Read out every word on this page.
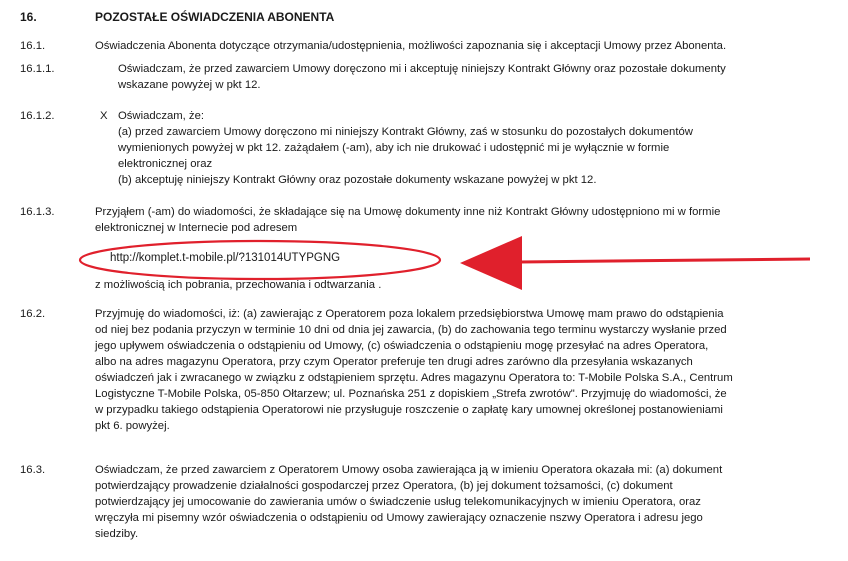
16.	POZOSTAŁE OŚWIADCZENIA ABONENTA
16.1.	Oświadczenia Abonenta dotyczące otrzymania/udostępnienia, możliwości zapoznania się i akceptacji Umowy przez Abonenta.
16.1.1.	Oświadczam, że przed zawarciem Umowy doręczono mi i akceptuję niniejszy Kontrakt Główny oraz pozostałe dokumenty
wskazane powyżej w pkt 12.
16.1.2.	X Oświadczam, że:
(a) przed zawarciem Umowy doręczono mi niniejszy Kontrakt Główny, zaś w stosunku do pozostałych dokumentów
wymienionych powyżej w pkt 12. zażądałem (-am), aby ich nie drukować i udostępnić mi je wyłącznie w formie
elektronicznej oraz
(b) akceptuję niniejszy Kontrakt Główny oraz pozostałe dokumenty wskazane powyżej w pkt 12.
16.1.3.	Przyjąłem (-am) do wiadomości, że składające się na Umowę dokumenty inne niż Kontrakt Główny udostępniono mi w formie
elektronicznej w Internecie pod adresem
http://komplet.t-mobile.pl/?131014UTYPGNG
z możliwością ich pobrania, przechowania i odtwarzania .
16.2.	Przyjmuję do wiadomości, iż: (a) zawierając z Operatorem poza lokalem przedsiębiorstwa Umowę mam prawo do odstąpienia
od niej bez podania przyczyn w terminie 10 dni od dnia jej zawarcia, (b) do zachowania tego terminu wystarczy wysłanie przed
jego upływem oświadczenia o odstąpieniu od Umowy, (c) oświadczenia o odstąpieniu mogę przesyłać na adres Operatora,
albo na adres magazynu Operatora, przy czym Operator preferuje ten drugi adres zarówno dla przesyłania wskazanych
oświadczeń jak i zwracanego w związku z odstąpieniem sprzętu. Adres magazynu Operatora to: T-Mobile Polska S.A., Centrum
Logistyczne T-Mobile Polska, 05-850 Ołtarzew; ul. Poznańska 251 z dopiskiem „Strefa zwrotów". Przyjmuję do wiadomości, że
w przypadku takiego odstąpienia Operatorowi nie przysługuje roszczenie o zapłatę kary umownej określonej postanowieniami
pkt 6. powyżej.
16.3.	Oświadczam, że przed zawarciem z Operatorem Umowy osoba zawierająca ją w imieniu Operatora okazała mi: (a) dokument
potwierdzający prowadzenie działalności gospodarczej przez Operatora, (b) jej dokument tożsamości, (c) dokument
potwierdzający jej umocowanie do zawierania umów o świadczenie usług telekomunikacyjnych w imieniu Operatora, oraz
wręczyła mi pisemny wzór oświadczenia o odstąpieniu od Umowy zawierający oznaczenie nszwy Operatora i adresu jego
siedziby.
